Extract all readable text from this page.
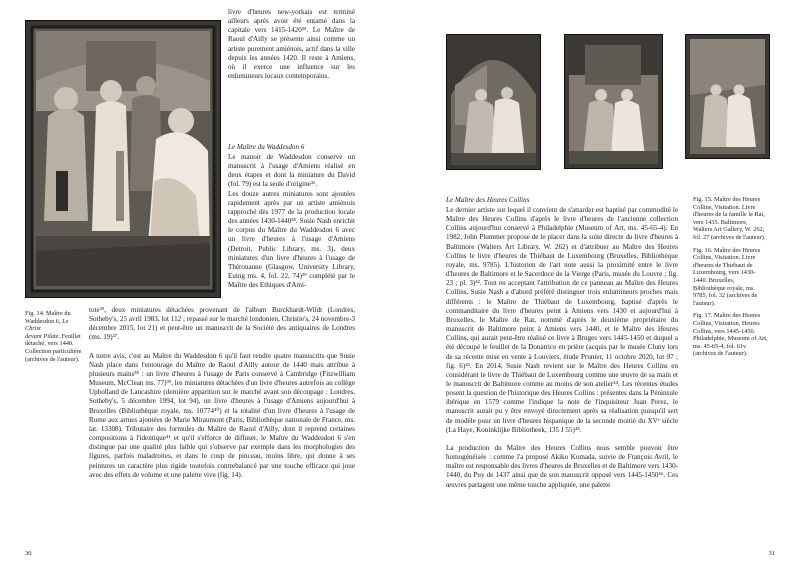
Fig. 14. Maître du
Waddesdon 6, Le Christ
devant Pilate. Feuillet
détaché, vers 1440.
Collection particulière
(archives de l'auteur).

livre d'heures new-yorkais est terminé ailleurs après avoir été entamé dans la capitale vers 1415-1420³⁵. Le Maître de Raoul d'Ailly se présente ainsi comme un artiste purement amiénois, actif dans la ville depuis les années 1420. Il reste à Amiens, où il exerce une influence sur les enlumineurs locaux contemporains.

Le Maître du Waddesdon 6

Le manoir de Waddesdon conserve un manuscrit à l'usage d'Amiens réalisé en deux étapes et dont la miniature du David (fol. 79) est la seule d'origine³⁶.

Les douze autres miniatures sont ajoutées rapidement après par un artiste amiénois rapproché dès 1977 de la production locale des années 1430-1440³⁸. Susie Nash enrichit le corpus du Maître du Waddesdon 6 avec un livre d'heures à l'usage d'Amiens (Detroit, Public Library, ms. 3), deux miniatures d'un livre d'heures à l'usage de Thérouanne (Glasgow, University Library, Euing ms. 4, fol. 22, 74)³⁹ complété par le Maître des Ethiques d'Ami-

tote³⁹, deux miniatures détachées provenant de l'album Burckhardt-Wildt (Londres, Sotheby's, 25 avril 1983, lot 112 ; repassé sur le marché londonien, Christie's, 24 novembre-3 décembre 2015, lot 21) et peut-être un manuscrit de la Société des antiquaires de Londres (ms. 19)³⁷.

A notre avis, c'est au Maître du Waddesdon 6 qu'il faut rendre quatre manuscrits que Susie Nash place dans l'entourage du Maître de Raoul d'Ailly autour de 1440 mais attribue à plusieurs mains³⁸ : un livre d'heures à l'usage de Paris conservé à Cambridge (Fitzwilliam Museum, McClean ms. 77)³⁹, les miniatures détachées d'un livre d'heures autrefois au collège Upholland de Lancashire (dernière apparition sur le marché avant son découpage : Londres, Sotheby's, 5 décembre 1994, lot 94), un livre d'heures à l'usage d'Amiens aujourd'hui à Bruxelles (Bibliothèque royale, ms. 10774⁴⁰) et la totalité d'un livre d'heures à l'usage de Rome aux armes ajoutées de Marie Miraumont (Paris, Bibliothèque nationale de France, ms. lat. 13308). Tributaire des formules du Maître de Raoul d'Ailly, dont il reprend certaines compositions à l'identique⁴¹ et qu'il s'efforce de diffuser, le Maître du Waddesdon 6 s'en distingue par une qualité plus faible qui s'observe par exemple dans les morphologies des figures, parfois maladroites, et dans le coup de pinceau, moins libre, qui donne à ses peintures un caractère plus rigide toutefois contrebalancé par une touche efficace qui joue avec des effets de volume et une palette vive (fig. 14).

30

Fig. 15. Maître des Heures Collins, Visitation. Livre d'heures de la famille le Rat, vers 1435. Baltimore, Walters Art Gallery, W. 262, fol. 27 (archives de l'auteur).

Fig. 16. Maître des Heures Collins, Visitation. Livre d'heures de Thiébaut de Luxembourg, vers 1430-1440. Bruxelles, Bibliothèque royale, ms. 9785, fol. 32 (archives de l'auteur).

Fig. 17. Maître des Heures Collins, Visitation, Heures Collins, vers 1445-1450. Philadelphie, Museum of Art, ms. 45-65-4, fol. 61v (archives de l'auteur).

Le Maître des Heures Collins

Le dernier artiste sur lequel il convient de s'attarder est baptisé par commodité le Maître des Heures Collins d'après le livre d'heures de l'ancienne collection Collins aujourd'hui conservé à Philadelphie (Museum of Art, ms. 45-65-4). En 1982, John Plummer propose de le placer dans la suite directe du livre d'heures à Baltimore (Walters Art Library, W. 262) et d'attribuer au Maître des Heures Collins le livre d'heures de Thiébaut de Luxembourg (Bruxelles, Bibliothèque royale, ms. 9785). L'historien de l'art note aussi la proximité entre le livre d'heures de Baltimore et le Sacerdoce de la Vierge (Paris, musée du Louvre ; fig. 23 ; pl. 3)⁴². Tout en acceptant l'attribution de ce panneau au Maître des Heures Collins, Susie Nash a d'abord préféré distinguer trois enlumineurs proches mais différents : le Maître de Thiébaut de Luxembourg, baptisé d'après le commanditaire du livre d'heures peint à Amiens vers 1430 et aujourd'hui à Bruxelles, le Maître de Rat, nommé d'après le deuxième propriétaire du manuscrit de Baltimore peint à Amiens vers 1440, et le Maître des Heures Collins, qui aurait peut-être réalisé ce livre à Bruges vers 1445-1450 et duquel a été découpé le feuillet de la Donatrice en prière (acquis par le musée Cluny lors de sa récente mise en vente à Louviers, étude Prunier, 11 octobre 2020, lot 97 ; fig. 6)⁴³. En 2014, Susie Nash revient sur le Maître des Heures Collins en considérant le livre de Thiébaut de Luxembourg comme une œuvre de sa main et le manuscrit de Baltimore comme au moins de son atelier⁴⁴. Les récentes études posent la question de l'historique des Heures Collins : présentes dans la Péninsule ibérique en 1579 comme l'indique la note de l'inquisiteur Juan Perez, le manuscrit aurait pu y être envoyé directement après sa réalisation puisqu'il sert de modèle pour un livre d'heures hispanique de la seconde moitié du XVᵉ siècle (La Haye, Koninklijke Bibliotheek, 135 J 55)⁴⁵.

La production du Maître des Heures Collins nous semble pouvoir être homogénéisée : comme l'a proposé Akiko Komada, suivie de François Avril, le maître est responsable des livres d'heures de Bruxelles et de Baltimore vers 1430-1440, du Puy de 1437 ainsi que de son manuscrit opposé vers 1445-1450⁴⁶. Ces œuvres partagent une même touche appliquée, une palette

31
